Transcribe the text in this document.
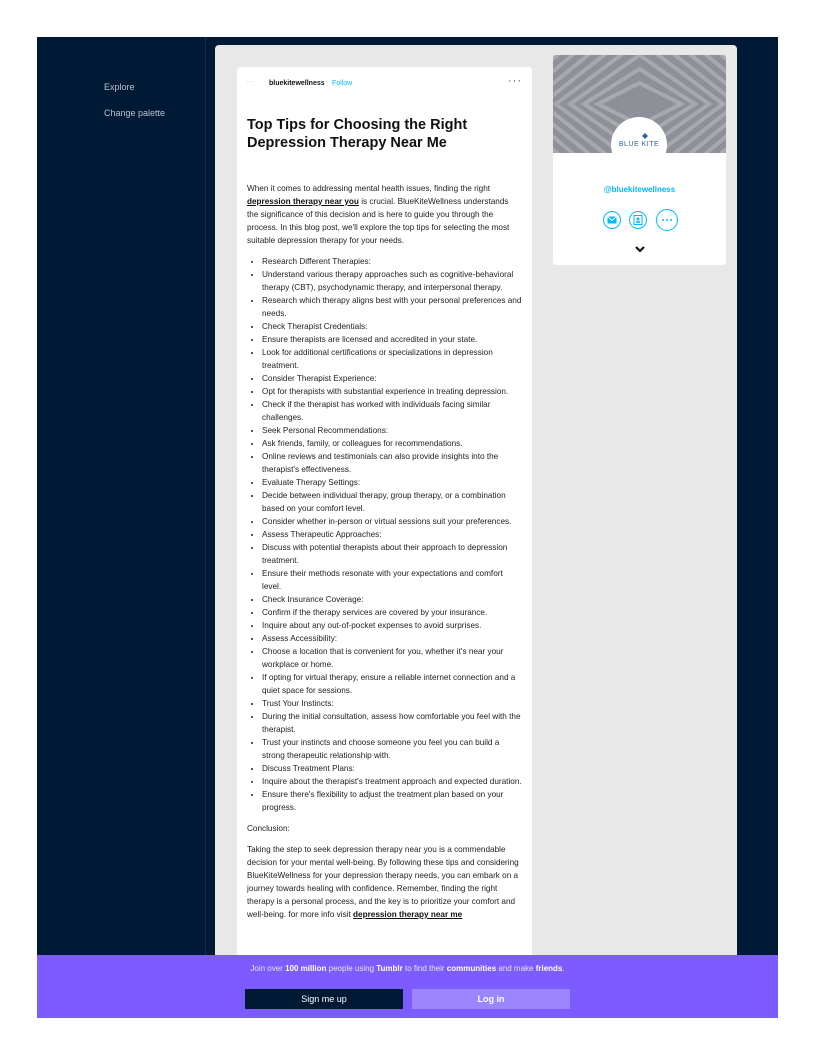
Explore
Change palette
···	bluekitewellness Follow	···
Top Tips for Choosing the Right Depression Therapy Near Me

When it comes to addressing mental health issues, finding the right depression therapy near you is crucial. BlueKiteWellness understands the significance of this decision and is here to guide you through the process. In this blog post, we'll explore the top tips for selecting the most suitable depression therapy for your needs.

• Research Different Therapies:
• Understand various therapy approaches such as cognitive-behavioral therapy (CBT), psychodynamic therapy, and interpersonal therapy.
• Research which therapy aligns best with your personal preferences and needs.
• Check Therapist Credentials:
• Ensure therapists are licensed and accredited in your state.
• Look for additional certifications or specializations in depression treatment.
• Consider Therapist Experience:
• Opt for therapists with substantial experience in treating depression.
• Check if the therapist has worked with individuals facing similar challenges.
• Seek Personal Recommendations:
• Ask friends, family, or colleagues for recommendations.
• Online reviews and testimonials can also provide insights into the therapist's effectiveness.
• Evaluate Therapy Settings:
• Decide between individual therapy, group therapy, or a combination based on your comfort level.
• Consider whether in-person or virtual sessions suit your preferences.
• Assess Therapeutic Approaches:
• Discuss with potential therapists about their approach to depression treatment.
• Ensure their methods resonate with your expectations and comfort level.
• Check Insurance Coverage:
• Confirm if the therapy services are covered by your insurance.
• Inquire about any out-of-pocket expenses to avoid surprises.
• Assess Accessibility:
• Choose a location that is convenient for you, whether it's near your workplace or home.
• If opting for virtual therapy, ensure a reliable internet connection and a quiet space for sessions.
• Trust Your Instincts:
• During the initial consultation, assess how comfortable you feel with the therapist.
• Trust your instincts and choose someone you feel you can build a strong therapeutic relationship with.
• Discuss Treatment Plans:
• Inquire about the therapist's treatment approach and expected duration.
• Ensure there's flexibility to adjust the treatment plan based on your progress.

Conclusion:

Taking the step to seek depression therapy near you is a commendable decision for your mental well-being. By following these tips and considering BlueKiteWellness for your depression therapy needs, you can embark on a journey towards healing with confidence. Remember, finding the right therapy is a personal process, and the key is to prioritize your comfort and well-being. for more info visit depression therapy near me

BLUE KITE
@bluekitewellness
Join over 100 million people using Tumblr to find their communities and make friends.
Sign me up	Log in
